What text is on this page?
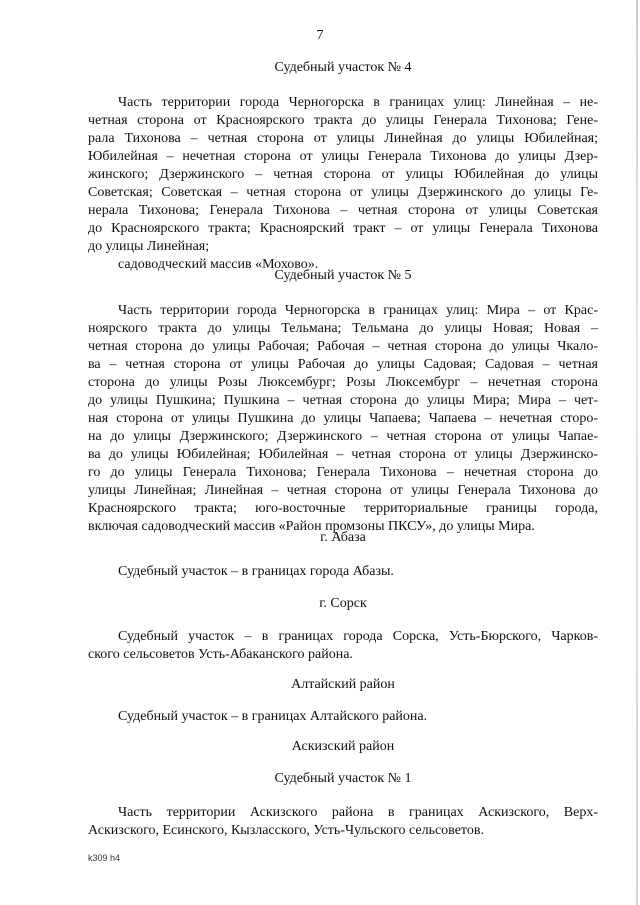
7
Судебный участок № 4
Часть территории города Черногорска в границах улиц: Линейная – не-
четная сторона от Красноярского тракта до улицы Генерала Тихонова; Гене-
рала Тихонова – четная сторона от улицы Линейная до улицы Юбилейная;
Юбилейная – нечетная сторона от улицы Генерала Тихонова до улицы Дзер-
жинского; Дзержинского – четная сторона от улицы Юбилейная до улицы
Советская; Советская – четная сторона от улицы Дзержинского до улицы Ге-
нерала Тихонова; Генерала Тихонова – четная сторона от улицы Советская
до Красноярского тракта; Красноярский тракт – от улицы Генерала Тихонова
до улицы Линейная;
садоводческий массив «Мохово».
Судебный участок № 5
Часть территории города Черногорска в границах улиц: Мира – от Крас-
ноярского тракта до улицы Тельмана; Тельмана до улицы Новая; Новая –
четная сторона до улицы Рабочая; Рабочая – четная сторона до улицы Чкало-
ва – четная сторона от улицы Рабочая до улицы Садовая; Садовая – четная
сторона до улицы Розы Люксембург; Розы Люксембург – нечетная сторона
до улицы Пушкина; Пушкина – четная сторона до улицы Мира; Мира – чет-
ная сторона от улицы Пушкина до улицы Чапаева; Чапаева – нечетная сторо-
на до улицы Дзержинского; Дзержинского – четная сторона от улицы Чапае-
ва до улицы Юбилейная; Юбилейная – четная сторона от улицы Дзержинско-
го до улицы Генерала Тихонова; Генерала Тихонова – нечетная сторона до
улицы Линейная; Линейная – четная сторона от улицы Генерала Тихонова до
Красноярского тракта; юго-восточные территориальные границы города,
включая садоводческий массив «Район промзоны ПКСУ», до улицы Мира.
г. Абаза
Судебный участок – в границах города Абазы.
г. Сорск
Судебный участок – в границах города Сорска, Усть-Бюрского, Чарков-
ского сельсоветов Усть-Абаканского района.
Алтайский район
Судебный участок – в границах Алтайского района.
Аскизский район
Судебный участок № 1
Часть территории Аскизского района в границах Аскизского, Верх-
Аскизского, Есинского, Кызласского, Усть-Чульского сельсоветов.
k309 h4
